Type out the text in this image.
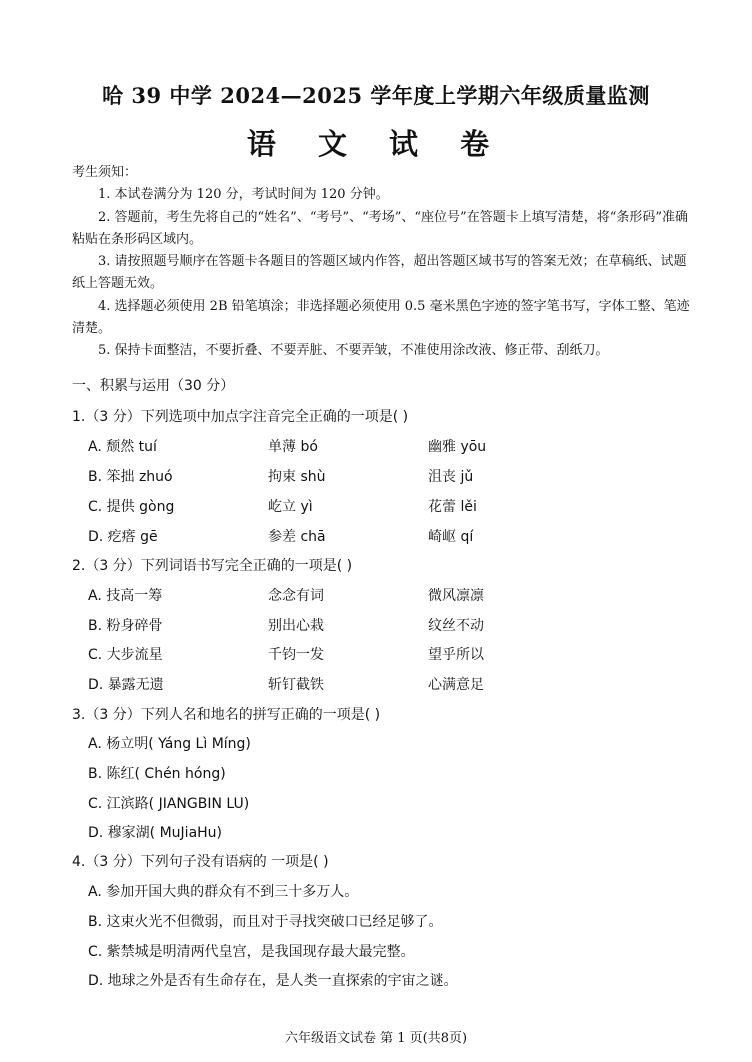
哈 39 中学 2024—2025 学年度上学期六年级质量监测
语 文 试 卷
考生须知：

1. 本试卷满分为 120 分，考试时间为 120 分钟。

2. 答题前，考生先将自己的“姓名”、“考号”、“考场”、“座位号”在答题卡上填写清楚，将“条形码”准确粘贴在条形码区域内。

3. 请按照题号顺序在答题卡各题目的答题区域内作答，超出答题区域书写的答案无效；在草稿纸、试题纸上答题无效。

4. 选择题必须使用 2B 铅笔填涂；非选择题必须使用 0.5 毫米黑色字迹的签字笔书写，字体工整、笔迹清楚。

5. 保持卡面整洁，不要折叠、不要弄脏、不要弄皱，不准使用涂改液、修正带、刮纸刀。

一、积累与运用（30 分）
1.（3 分）下列选项中加点字注音完全正确的一项是( )
A. 颓然 tuí	单薄 bó	幽雅 yōu
B. 笨拙 zhuó	拘束 shù	沮丧 jǔ
C. 提供 gòng	屹立 yì	花蕾 lěi
D. 疙瘩 gē	参差 chā	崎岖 qí
2.（3 分）下列词语书写完全正确的一项是( )
A. 技高一筹	念念有词	微风凛凛
B. 粉身碎骨	别出心栽	纹丝不动
C. 大步流星	千钧一发	望乎所以
D. 暴露无遗	斩钉截铁	心满意足
3.（3 分）下列人名和地名的拼写正确的一项是( )
A. 杨立明( Yáng Lì Míng)
B. 陈红( Chén hóng)
C. 江滨路( JIANGBIN LU)
D. 穆家湖( MuJiaHu)
4.（3 分）下列句子没有语病的 一项是( )
A. 参加开国大典的群众有不到三十多万人。
B. 这束火光不但微弱，而且对于寻找突破口已经足够了。
C. 紫禁城是明清两代皇宫，是我国现存最大最完整。
D. 地球之外是否有生命存在，是人类一直探索的宇宙之谜。
六年级语文试卷 第 1 页(共8页)
